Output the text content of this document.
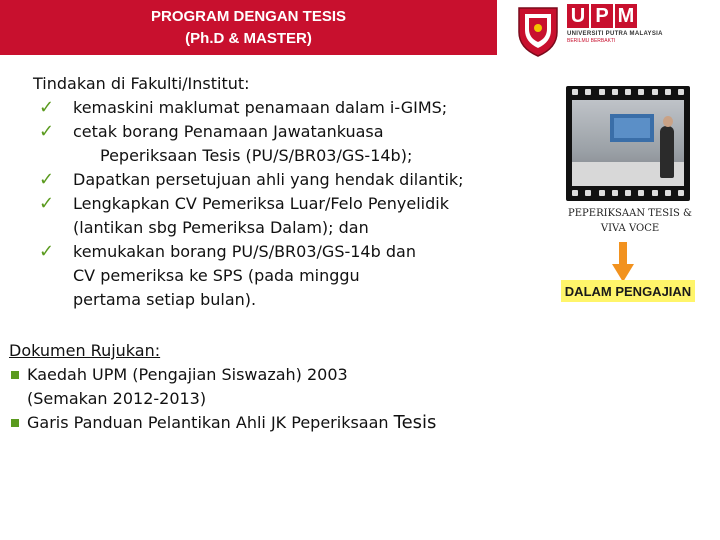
PROGRAM DENGAN TESIS
(Ph.D & MASTER)
U P M
UNIVERSITI PUTRA MALAYSIA
BERILMU BERBAKTI

Tindakan di Fakulti/Institut:

✓ kemaskini maklumat penamaan dalam i-GIMS;
✓ cetak borang Penamaan Jawatankuasa
Peperiksaan Tesis (PU/S/BR03/GS-14b);
✓ Dapatkan persetujuan ahli yang hendak dilantik;
✓ Lengkapkan CV Pemeriksa Luar/Felo Penyelidik
(lantikan sbg Pemeriksa Dalam); dan
✓ kemukakan borang PU/S/BR03/GS-14b dan
CV pemeriksa ke SPS (pada minggu
pertama setiap bulan).
Dokumen Rujukan:
Kaedah UPM (Pengajian Siswazah) 2003
(Semakan 2012-2013)
Garis Panduan Pelantikan Ahli JK Peperiksaan Tesis
PEPERIKSAAN TESIS &
VIVA VOCE
DALAM PENGAJIAN
